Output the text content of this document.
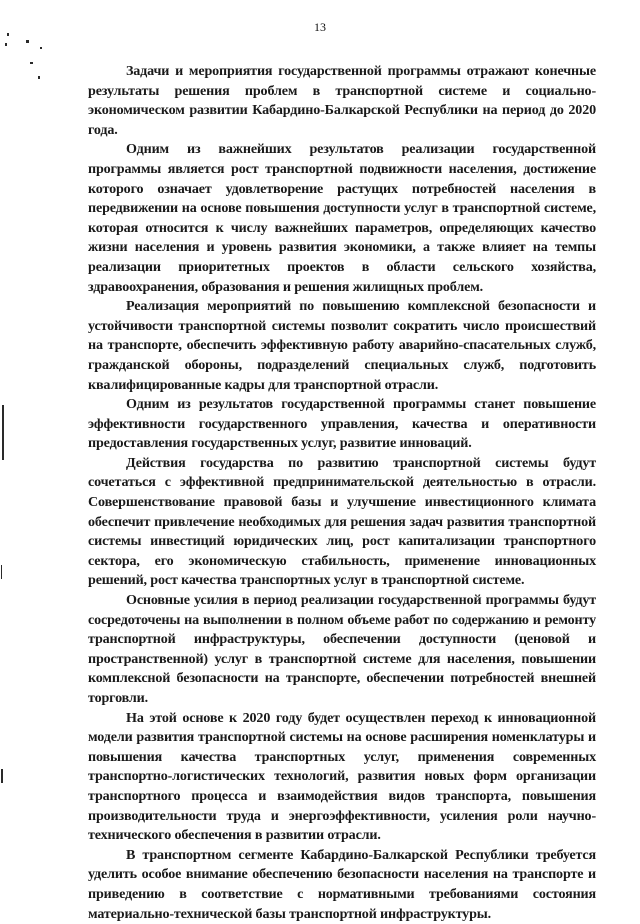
13

Задачи и мероприятия государственной программы отражают конечные результаты решения проблем в транспортной системе и социально-экономическом развитии Кабардино-Балкарской Республики на период до 2020 года.

Одним из важнейших результатов реализации государственной программы является рост транспортной подвижности населения, достижение которого означает удовлетворение растущих потребностей населения в передвижении на основе повышения доступности услуг в транспортной системе, которая относится к числу важнейших параметров, определяющих качество жизни населения и уровень развития экономики, а также влияет на темпы реализации приоритетных проектов в области сельского хозяйства, здравоохранения, образования и решения жилищных проблем.

Реализация мероприятий по повышению комплексной безопасности и устойчивости транспортной системы позволит сократить число происшествий на транспорте, обеспечить эффективную работу аварийно-спасательных служб, гражданской обороны, подразделений специальных служб, подготовить квалифицированные кадры для транспортной отрасли.

Одним из результатов государственной программы станет повышение эффективности государственного управления, качества и оперативности предоставления государственных услуг, развитие инноваций.

Действия государства по развитию транспортной системы будут сочетаться с эффективной предпринимательской деятельностью в отрасли. Совершенствование правовой базы и улучшение инвестиционного климата обеспечит привлечение необходимых для решения задач развития транспортной системы инвестиций юридических лиц, рост капитализации транспортного сектора, его экономическую стабильность, применение инновационных решений, рост качества транспортных услуг в транспортной системе.

Основные усилия в период реализации государственной программы будут сосредоточены на выполнении в полном объеме работ по содержанию и ремонту транспортной инфраструктуры, обеспечении доступности (ценовой и пространственной) услуг в транспортной системе для населения, повышении комплексной безопасности на транспорте, обеспечении потребностей внешней торговли.

На этой основе к 2020 году будет осуществлен переход к инновационной модели развития транспортной системы на основе расширения номенклатуры и повышения качества транспортных услуг, применения современных транспортно-логистических технологий, развития новых форм организации транспортного процесса и взаимодействия видов транспорта, повышения производительности труда и энергоэффективности, усиления роли научно-технического обеспечения в развитии отрасли.

В транспортном сегменте Кабардино-Балкарской Республики требуется уделить особое внимание обеспечению безопасности населения на транспорте и приведению в соответствие с нормативными требованиями состояния материально-технической базы транспортной инфраструктуры.
